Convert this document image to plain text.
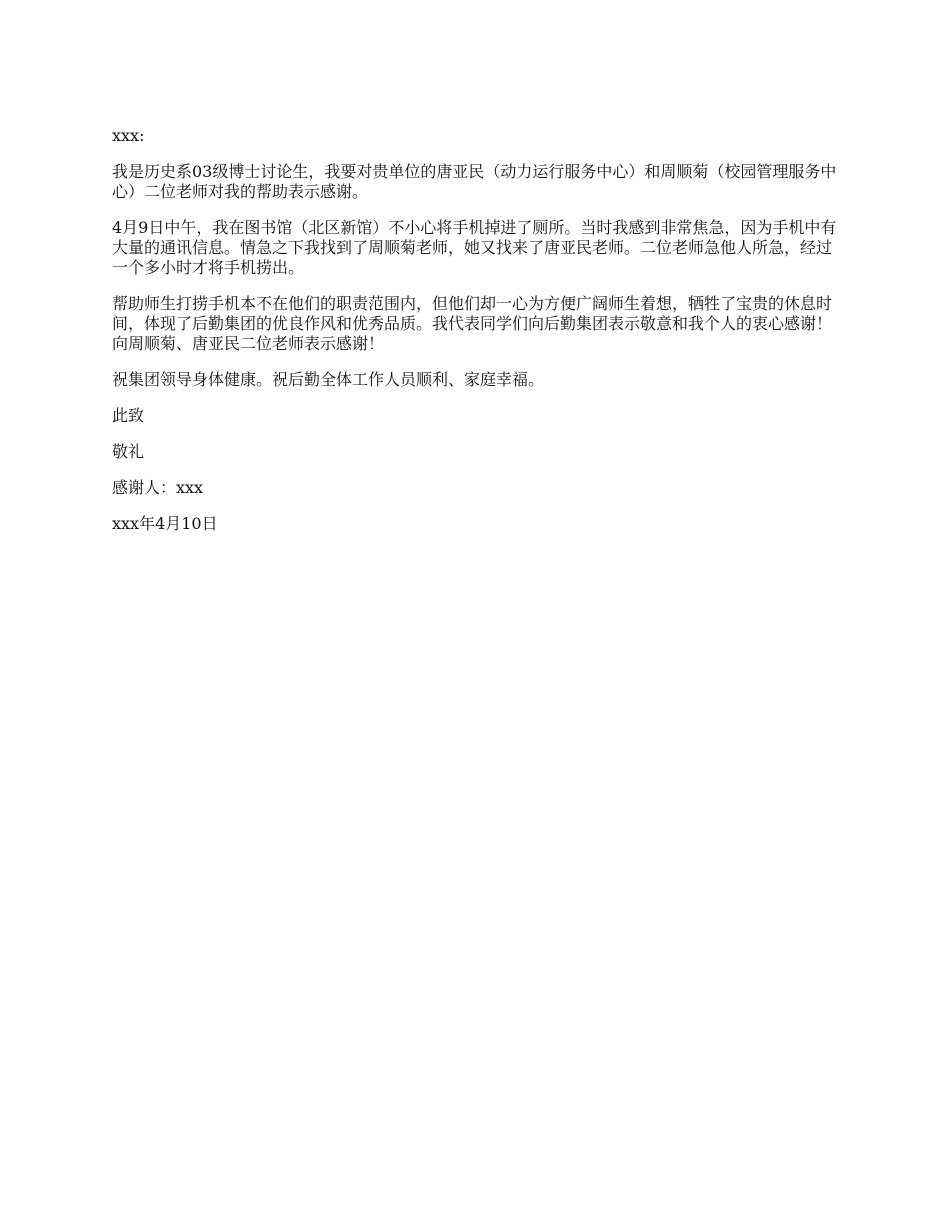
xxx:

我是历史系03级博士讨论生，我要对贵单位的唐亚民（动力运行服务中心）和周顺菊（校园管理服务中心）二位老师对我的帮助表示感谢。

4月9日中午，我在图书馆（北区新馆）不小心将手机掉进了厕所。当时我感到非常焦急，因为手机中有大量的通讯信息。情急之下我找到了周顺菊老师，她又找来了唐亚民老师。二位老师急他人所急，经过一个多小时才将手机捞出。

帮助师生打捞手机本不在他们的职责范围内，但他们却一心为方便广阔师生着想，牺牲了宝贵的休息时间，体现了后勤集团的优良作风和优秀品质。我代表同学们向后勤集团表示敬意和我个人的衷心感谢！向周顺菊、唐亚民二位老师表示感谢！

祝集团领导身体健康。祝后勤全体工作人员顺利、家庭幸福。

此致

敬礼

感谢人：xxx

xxx年4月10日
